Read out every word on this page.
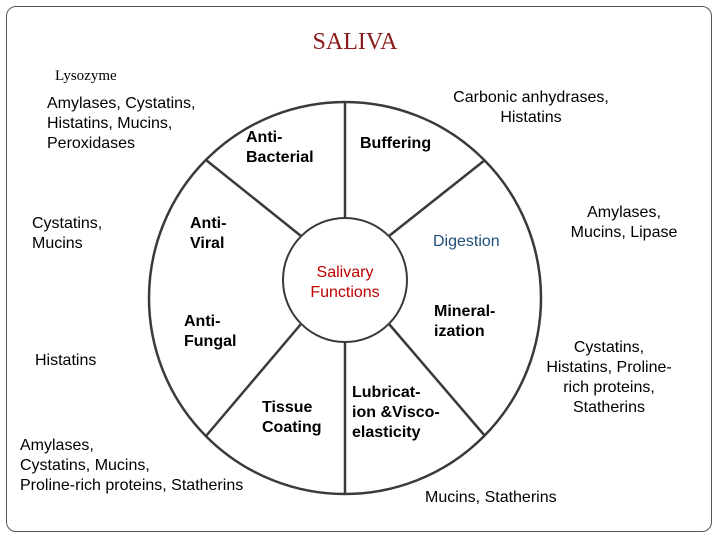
SALIVA
Salivary
Functions
Anti-
Bacterial
Buffering
Digestion
Mineral-
ization
Lubricat-
ion &Visco-
elasticity
Tissue
Coating
Anti-
Fungal
Anti-
Viral
Lysozyme
Amylases, Cystatins,
Histatins, Mucins,
Peroxidases
Carbonic anhydrases,
Histatins
Amylases,
Mucins, Lipase
Cystatins,
Histatins, Proline-
rich proteins,
Statherins
Mucins, Statherins
Amylases,
Cystatins, Mucins,
Proline-rich proteins, Statherins
Histatins
Cystatins,
Mucins
